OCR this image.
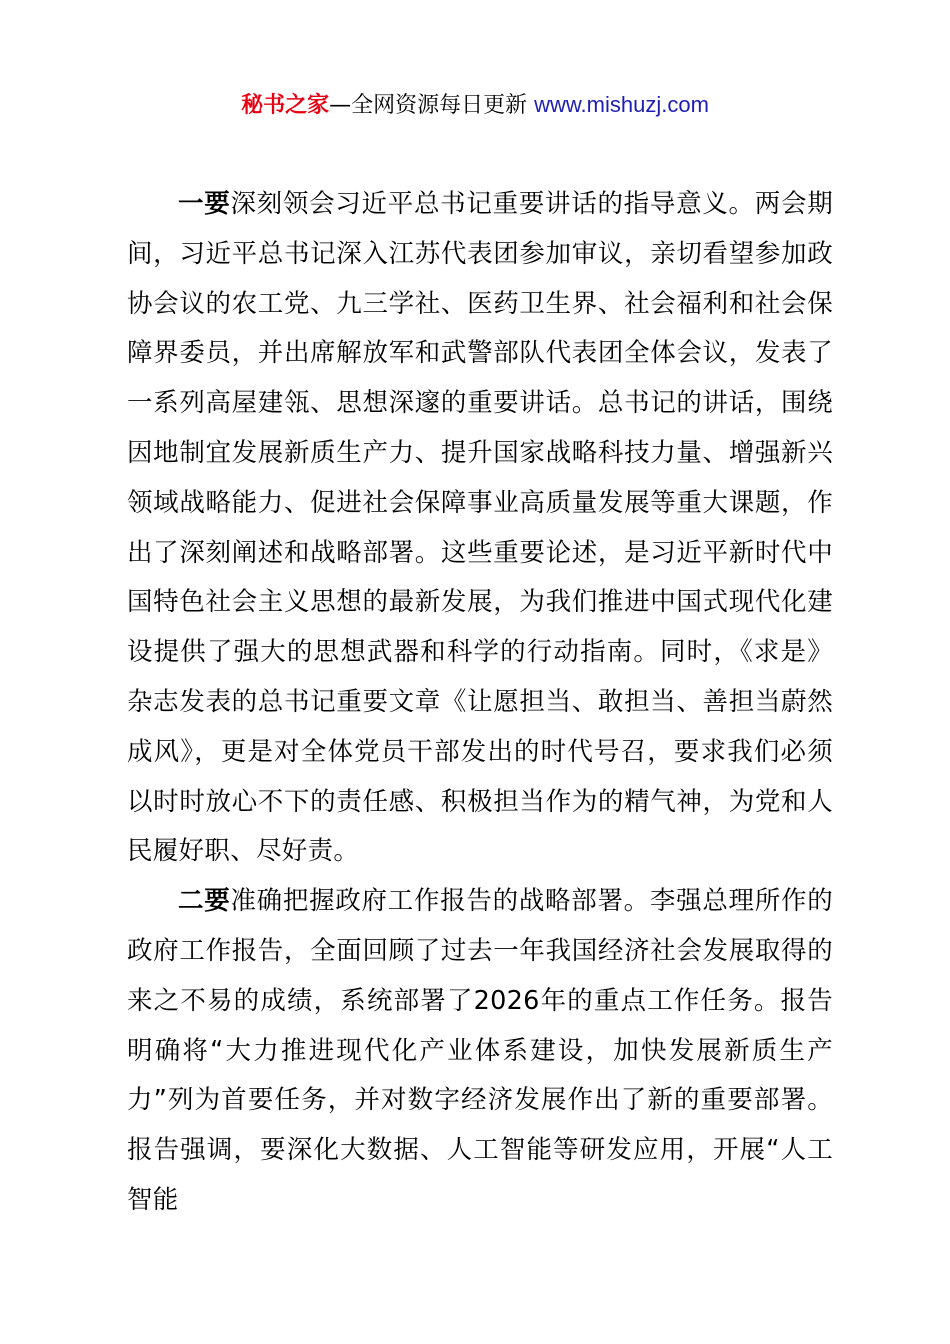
秘书之家—全网资源每日更新 www.mishuzj.com

一要深刻领会习近平总书记重要讲话的指导意义。两会期间，习近平总书记深入江苏代表团参加审议，亲切看望参加政协会议的农工党、九三学社、医药卫生界、社会福利和社会保障界委员，并出席解放军和武警部队代表团全体会议，发表了一系列高屋建瓴、思想深邃的重要讲话。总书记的讲话，围绕因地制宜发展新质生产力、提升国家战略科技力量、增强新兴领域战略能力、促进社会保障事业高质量发展等重大课题，作出了深刻阐述和战略部署。这些重要论述，是习近平新时代中国特色社会主义思想的最新发展，为我们推进中国式现代化建设提供了强大的思想武器和科学的行动指南。同时，《求是》杂志发表的总书记重要文章《让愿担当、敢担当、善担当蔚然成风》，更是对全体党员干部发出的时代号召，要求我们必须以时时放心不下的责任感、积极担当作为的精气神，为党和人民履好职、尽好责。

二要准确把握政府工作报告的战略部署。李强总理所作的政府工作报告，全面回顾了过去一年我国经济社会发展取得的来之不易的成绩，系统部署了2026年的重点工作任务。报告明确将“大力推进现代化产业体系建设，加快发展新质生产力”列为首要任务，并对数字经济发展作出了新的重要部署。报告强调，要深化大数据、人工智能等研发应用，开展“人工智能
